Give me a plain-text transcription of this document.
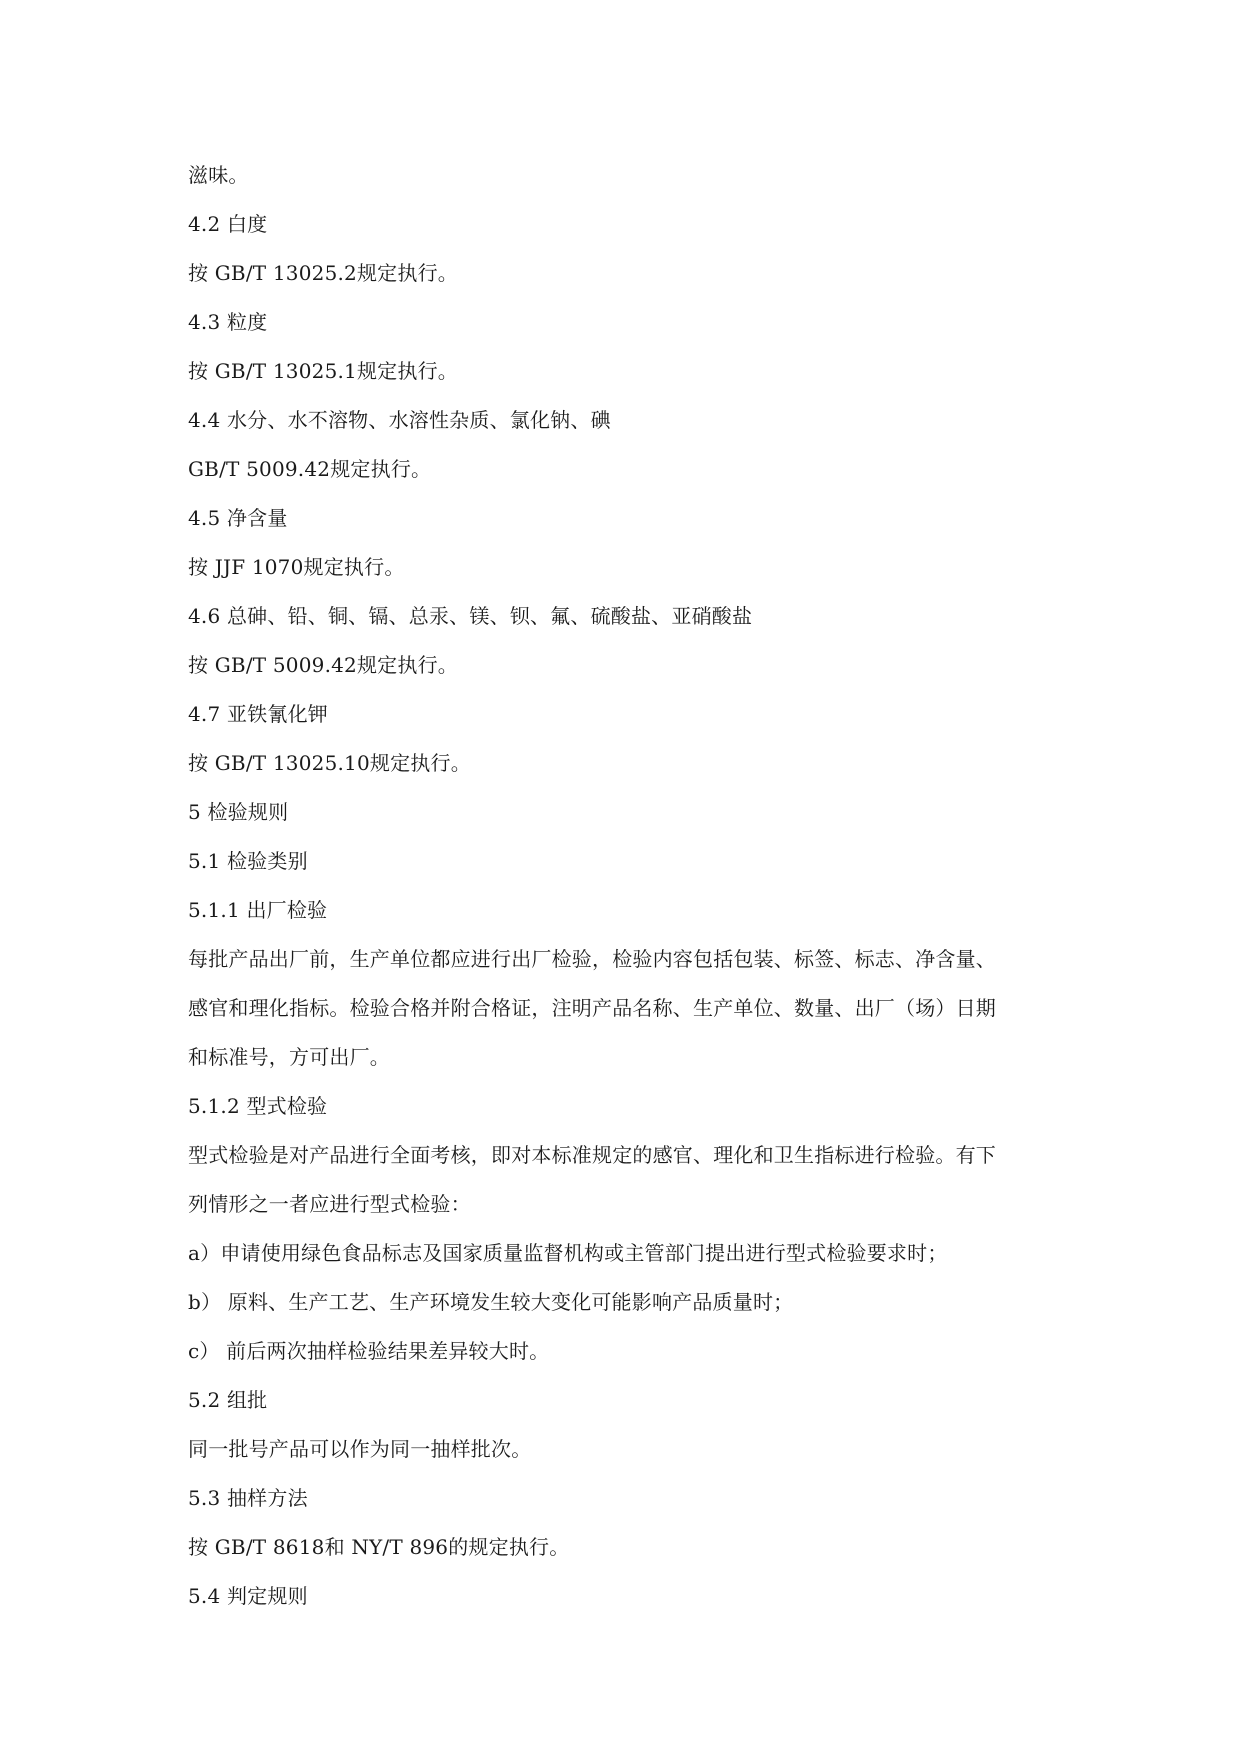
滋味。
4.2 白度
按 GB/T 13025.2规定执行。
4.3 粒度
按 GB/T 13025.1规定执行。
4.4 水分、水不溶物、水溶性杂质、氯化钠、碘
GB/T 5009.42规定执行。
4.5 净含量
按 JJF 1070规定执行。
4.6 总砷、铅、铜、镉、总汞、镁、钡、氟、硫酸盐、亚硝酸盐
按 GB/T 5009.42规定执行。
4.7 亚铁氰化钾
按 GB/T 13025.10规定执行。
5 检验规则
5.1 检验类别
5.1.1 出厂检验
每批产品出厂前，生产单位都应进行出厂检验，检验内容包括包装、标签、标志、净含量、
感官和理化指标。检验合格并附合格证，注明产品名称、生产单位、数量、出厂（场）日期
和标准号，方可出厂。
5.1.2 型式检验
型式检验是对产品进行全面考核，即对本标准规定的感官、理化和卫生指标进行检验。有下
列情形之一者应进行型式检验：
a）申请使用绿色食品标志及国家质量监督机构或主管部门提出进行型式检验要求时；
b） 原料、生产工艺、生产环境发生较大变化可能影响产品质量时；
c） 前后两次抽样检验结果差异较大时。
5.2 组批
同一批号产品可以作为同一抽样批次。
5.3 抽样方法
按 GB/T 8618和 NY/T 896的规定执行。
5.4 判定规则
